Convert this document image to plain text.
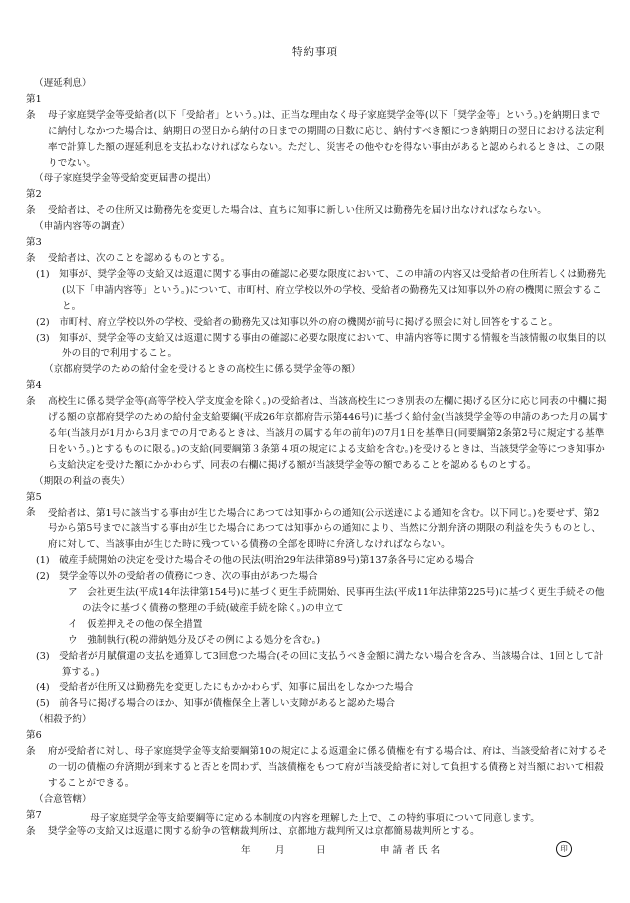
特約事項
（遅延利息）
第1条 母子家庭奨学金等受給者(以下「受給者」という。)は、正当な理由なく母子家庭奨学金等(以下「奨学金等」という。)を納期日までに納付しなかつた場合は、納期日の翌日から納付の日までの期間の日数に応じ、納付すべき額につき納期日の翌日における法定利率で計算した額の遅延利息を支払わなければならない。ただし、災害その他やむを得ない事由があると認められるときは、この限りでない。
（母子家庭奨学金等受給変更届書の提出）
第2条 受給者は、その住所又は勤務先を変更した場合は、直ちに知事に新しい住所又は勤務先を届け出なければならない。
（申請内容等の調査）
第3条 受給者は、次のことを認めるものとする。
(1)　 知事が、奨学金等の支給又は返還に関する事由の確認に必要な限度において、この申請の内容又は受給者の住所若しくは勤務先(以下「申請内容等」という。)について、市町村、府立学校以外の学校、受給者の勤務先又は知事以外の府の機関に照会すること。
(2)　 市町村、府立学校以外の学校、受給者の勤務先又は知事以外の府の機関が前号に掲げる照会に対し回答をすること。
(3)　 知事が、奨学金等の支給又は返還に関する事由の確認に必要な限度において、申請内容等に関する情報を当該情報の収集目的以外の目的で利用すること。
（京都府奨学のための給付金を受けるときの高校生に係る奨学金等の額）
第4条 高校生に係る奨学金等(高等学校入学支度金を除く。)の受給者は、当該高校生につき別表の左欄に掲げる区分に応じ同表の中欄に掲げる額の京都府奨学のための給付金支給要綱(平成26年京都府告示第446号)に基づく給付金(当該奨学金等の申請のあつた月の属する年(当該月が1月から3月までの月であるときは、当該月の属する年の前年)の7月1日を基準日(同要綱第2条第2号に規定する基準日をいう。)とするものに限る。)の支給(同要綱第３条第４項の規定による支給を含む。)を受けるときは、当該奨学金等につき知事から支給決定を受けた額にかかわらず、同表の右欄に掲げる額が当該奨学金等の額であることを認めるものとする。
（期限の利益の喪失）
第5条 受給者は、第1号に該当する事由が生じた場合にあつては知事からの通知(公示送達による通知を含む。以下同じ。)を要せず、第2号から第5号までに該当する事由が生じた場合にあつては知事からの通知により、当然に分割弁済の期限の利益を失うものとし、府に対して、当該事由が生じた時に残つている債務の全部を即時に弁済しなければならない。
(1)　 破産手続開始の決定を受けた場合その他の民法(明治29年法律第89号)第137条各号に定める場合
(2)　 奨学金等以外の受給者の債務につき、次の事由があつた場合
ア　 会社更生法(平成14年法律第154号)に基づく更生手続開始、民事再生法(平成11年法律第225号)に基づく更生手続その他の法令に基づく債務の整理の手続(破産手続を除く。)の申立て
イ　 仮差押えその他の保全措置
ウ　 強制執行(税の滞納処分及びその例による処分を含む。)
(3)　 受給者が月賦償還の支払を通算して3回怠つた場合(その回に支払うべき金額に満たない場合を含み、当該場合は、1回として計算する。)
(4)　 受給者が住所又は勤務先を変更したにもかかわらず、知事に届出をしなかつた場合
(5)　 前各号に掲げる場合のほか、知事が債権保全上著しい支障があると認めた場合
（相殺予約）
第6条 府が受給者に対し、母子家庭奨学金等支給要綱第10の規定による返還金に係る債権を有する場合は、府は、当該受給者に対するその一切の債権の弁済期が到来すると否とを問わず、当該債権をもつて府が当該受給者に対して負担する債務と対当額において相殺することができる。
（合意管轄）
第7条 奨学金等の支給又は返還に関する紛争の管轄裁判所は、京都地方裁判所又は京都簡易裁判所とする。
母子家庭奨学金等支給要綱等に定める本制度の内容を理解した上で、この特約事項について同意します。
年	月	日	申 請 者 氏 名	印
